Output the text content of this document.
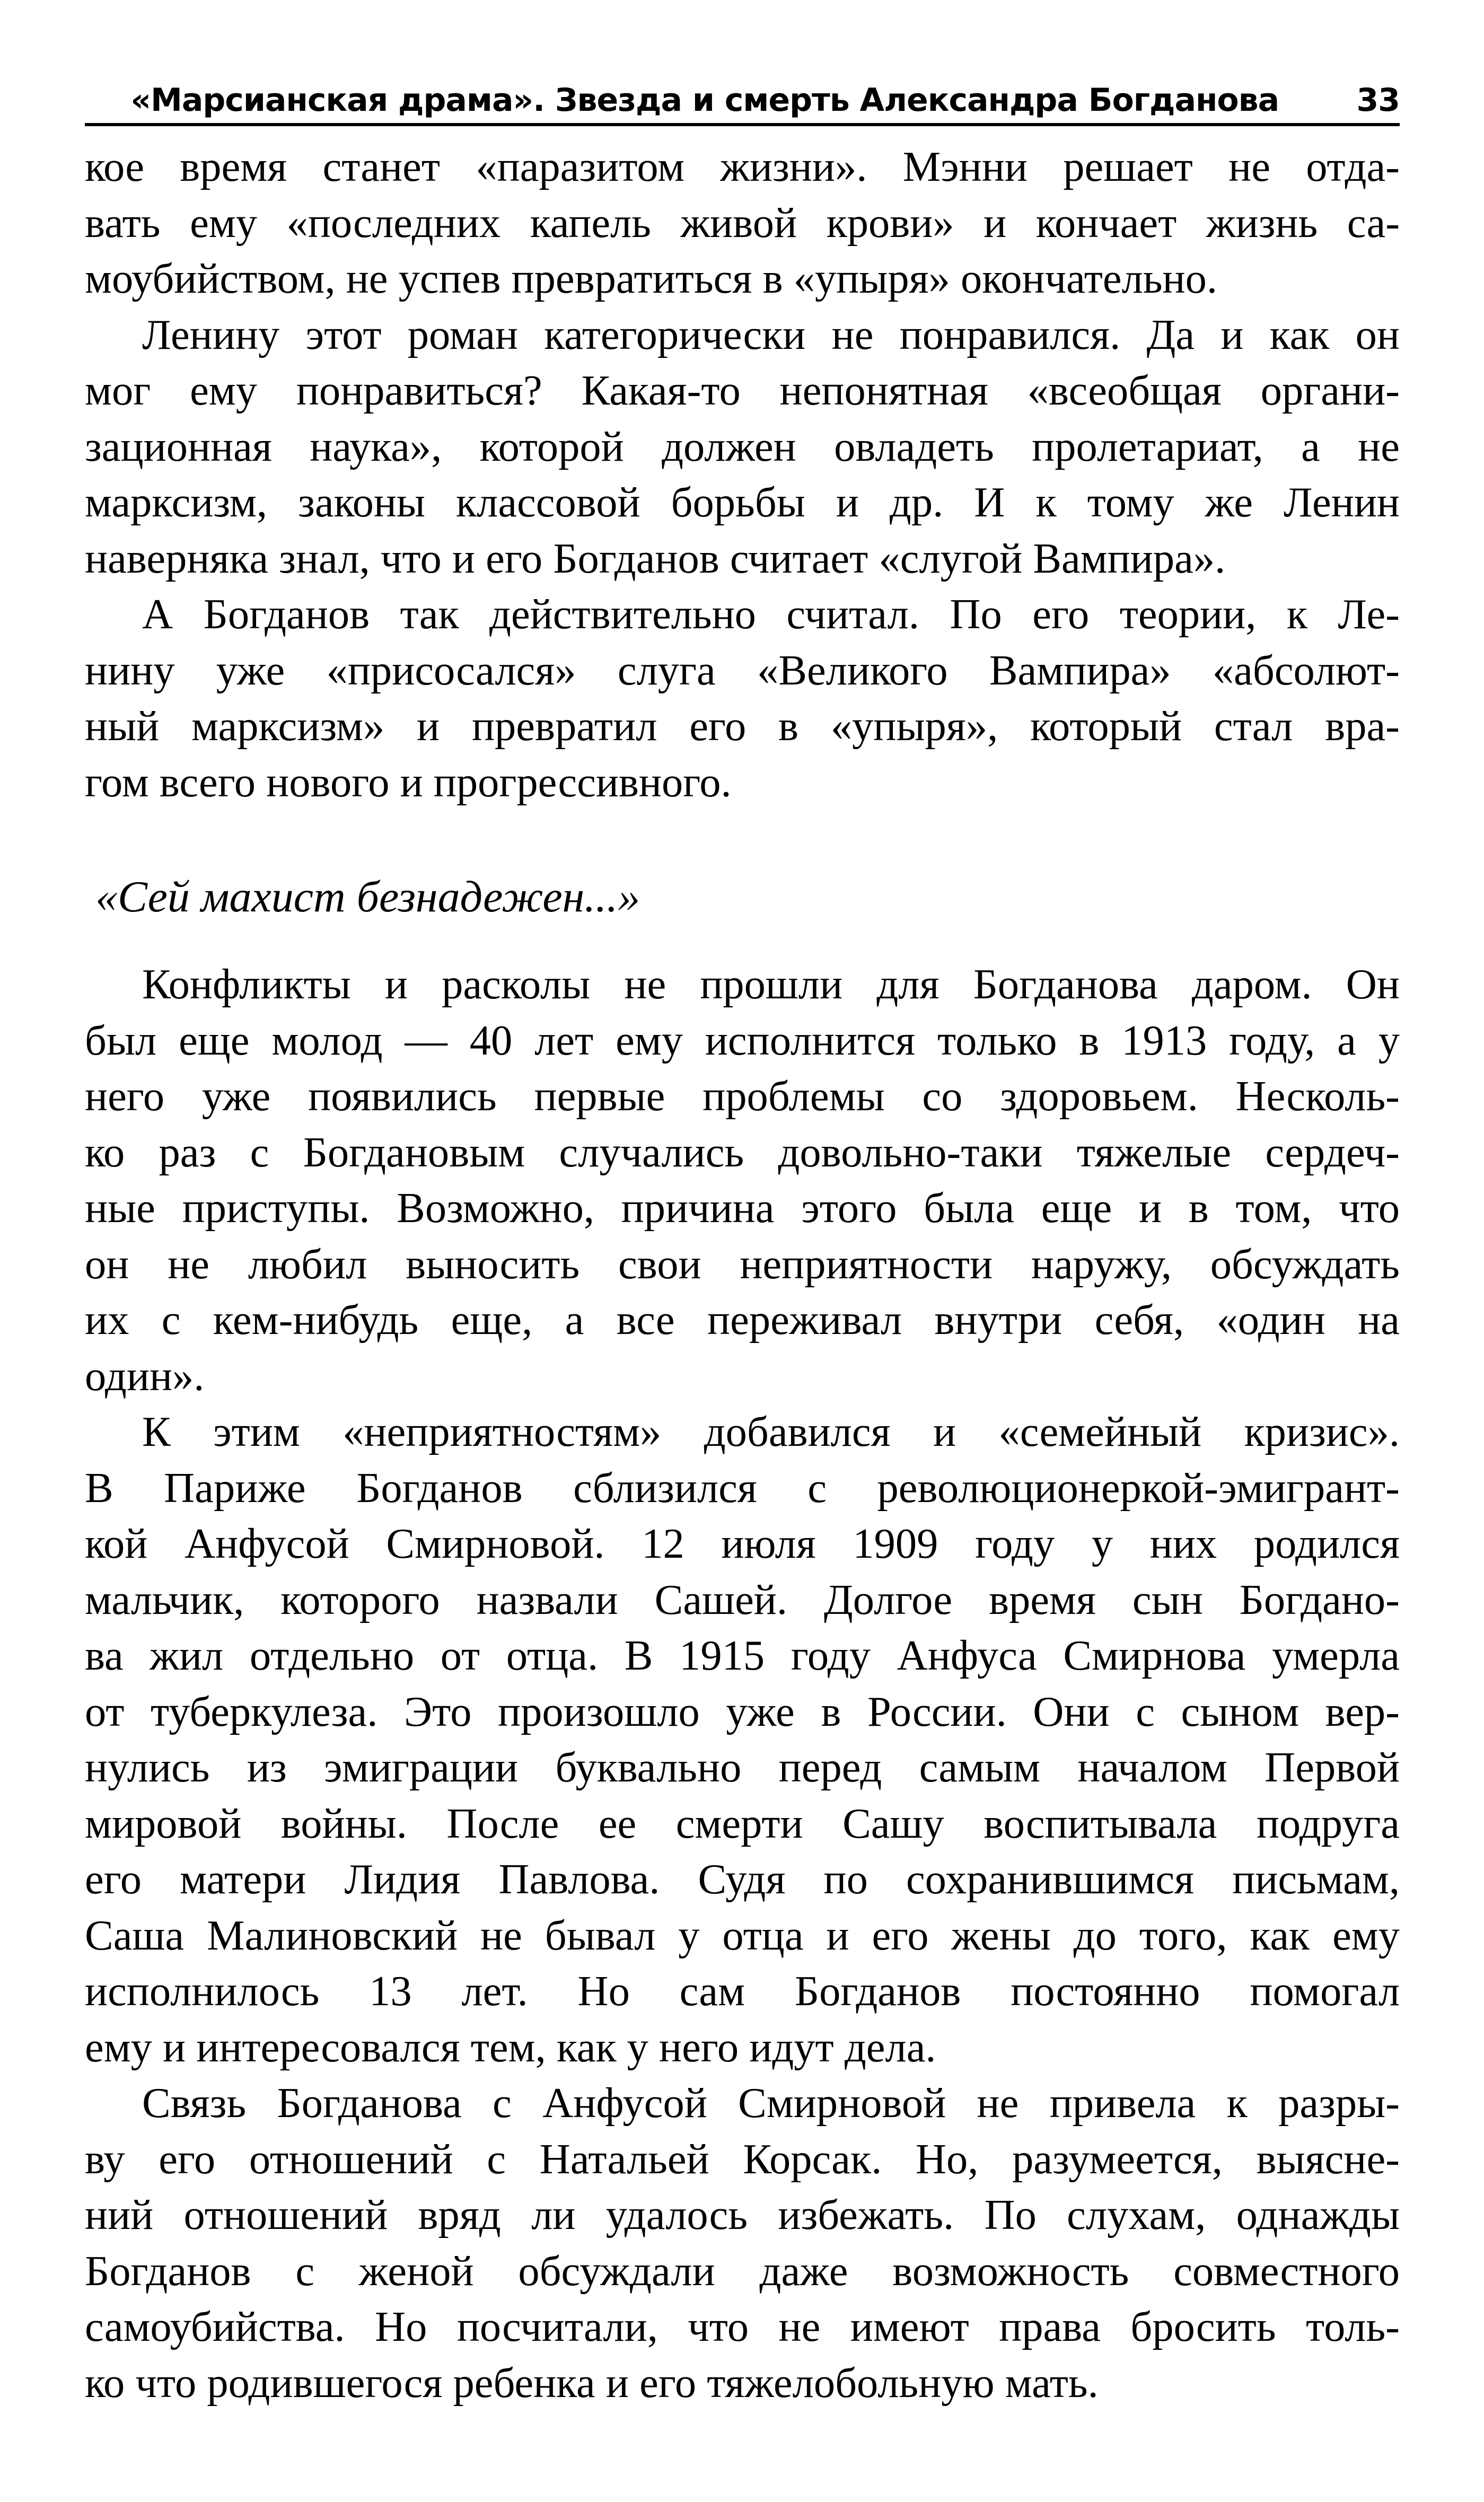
«Марсианская драма». Звезда и смерть Александра Богданова	33

кое время станет «паразитом жизни». Мэнни решает не отда-
вать ему «последних капель живой крови» и кончает жизнь са-
моубийством, не успев превратиться в «упыря» окончательно.

Ленину этот роман категорически не понравился. Да и как он
мог ему понравиться? Какая-то непонятная «всеобщая органи-
зационная наука», которой должен овладеть пролетариат, а не
марксизм, законы классовой борьбы и др. И к тому же Ленин
наверняка знал, что и его Богданов считает «слугой Вампира».

А Богданов так действительно считал. По его теории, к Ле-
нину уже «присосался» слуга «Великого Вампира» «абсолют-
ный марксизм» и превратил его в «упыря», который стал вра-
гом всего нового и прогрессивного.

«Сей махист безнадежен...»

Конфликты и расколы не прошли для Богданова даром. Он
был еще молод — 40 лет ему исполнится только в 1913 году, а у
него уже появились первые проблемы со здоровьем. Несколь-
ко раз с Богдановым случались довольно-таки тяжелые сердеч-
ные приступы. Возможно, причина этого была еще и в том, что
он не любил выносить свои неприятности наружу, обсуждать
их с кем-нибудь еще, а все переживал внутри себя, «один на
один».

К этим «неприятностям» добавился и «семейный кризис».
В Париже Богданов сблизился с революционеркой-эмигрант-
кой Анфусой Смирновой. 12 июля 1909 году у них родился
мальчик, которого назвали Сашей. Долгое время сын Богдано-
ва жил отдельно от отца. В 1915 году Анфуса Смирнова умерла
от туберкулеза. Это произошло уже в России. Они с сыном вер-
нулись из эмиграции буквально перед самым началом Первой
мировой войны. После ее смерти Сашу воспитывала подруга
его матери Лидия Павлова. Судя по сохранившимся письмам,
Саша Малиновский не бывал у отца и его жены до того, как ему
исполнилось 13 лет. Но сам Богданов постоянно помогал
ему и интересовался тем, как у него идут дела.

Связь Богданова с Анфусой Смирновой не привела к разры-
ву его отношений с Натальей Корсак. Но, разумеется, выясне-
ний отношений вряд ли удалось избежать. По слухам, однажды
Богданов с женой обсуждали даже возможность совместного
самоубийства. Но посчитали, что не имеют права бросить толь-
ко что родившегося ребенка и его тяжелобольную мать.
